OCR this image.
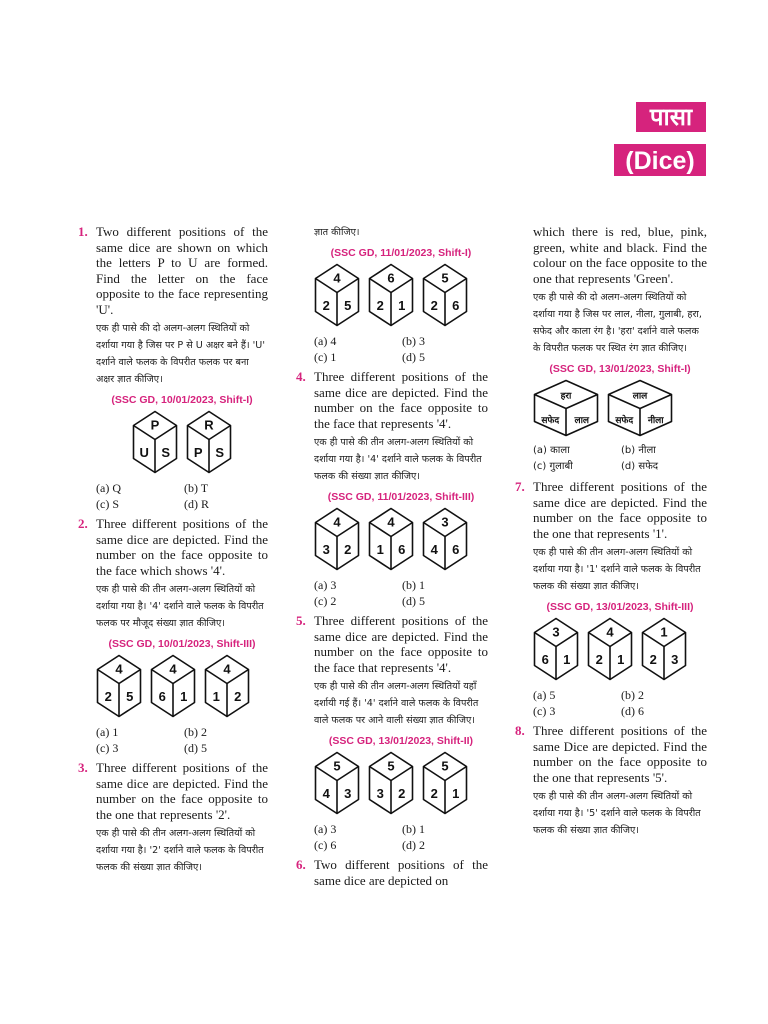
पासा
(Dice)
1. Two different positions of the same dice are shown on which the letters P to U are formed. Find the letter on the face opposite to the face representing 'U'.

एक ही पासे की दो अलग-अलग स्थितियों को दर्शाया गया है जिस पर P से U अक्षर बने हैं। 'U' दर्शाने वाले फलक के विपरीत फलक पर बना अक्षर ज्ञात कीजिए।

(SSC GD, 10/01/2023, Shift-I)
P
U S
R
P S
(a) Q	(b) T
(c) S	(d) R
2. Three different positions of the same dice are depicted. Find the number on the face opposite to the face which shows '4'.

एक ही पासे की तीन अलग-अलग स्थितियों को दर्शाया गया है। '4' दर्शाने वाले फलक के विपरीत फलक पर मौजूद संख्या ज्ञात कीजिए।

(SSC GD, 10/01/2023, Shift-III)
4
2 5
4
6 1
4
1 2
(a) 1	(b) 2
(c) 3	(d) 5
3. Three different positions of the same dice are depicted. Find the number on the face opposite to the one that represents '2'.

एक ही पासे की तीन अलग-अलग स्थितियों को दर्शाया गया है। '2' दर्शाने वाले फलक के विपरीत फलक की संख्या ज्ञात कीजिए।

ज्ञात कीजिए।

(SSC GD, 11/01/2023, Shift-I)
4
2 5
6
2 1
5
2 6
(a) 4	(b) 3
(c) 1	(d) 5
4. Three different positions of the same dice are depicted. Find the number on the face opposite to the face that represents '4'.

एक ही पासे की तीन अलग-अलग स्थितियों को दर्शाया गया है। '4' दर्शाने वाले फलक के विपरीत फलक की संख्या ज्ञात कीजिए।

(SSC GD, 11/01/2023, Shift-III)
4
3 2
4
1 6
3
4 6
(a) 3	(b) 1
(c) 2	(d) 5
5. Three different positions of the same dice are depicted. Find the number on the face opposite to the face that represents '4'.

एक ही पासे की तीन अलग-अलग स्थितियों यहाँ दर्शायी गई हैं। '4' दर्शाने वाले फलक के विपरीत वाले फलक पर आने वाली संख्या ज्ञात कीजिए।

(SSC GD, 13/01/2023, Shift-II)
5
4 3
5
3 2
5
2 1
(a) 3	(b) 1
(c) 6	(d) 2
6. Two different positions of the same dice are depicted on

which there is red, blue, pink, green, white and black. Find the colour on the face opposite to the one that represents 'Green'.

एक ही पासे की दो अलग-अलग स्थितियों को दर्शाया गया है जिस पर लाल, नीला, गुलाबी, हरा, सफेद और काला रंग है। 'हरा' दर्शाने वाले फलक के विपरीत फलक पर स्थित रंग ज्ञात कीजिए।

(SSC GD, 13/01/2023, Shift-I)
हरा
सफेद लाल
लाल
सफेद नीला
(a) काला	(b) नीला
(c) गुलाबी	(d) सफेद
7. Three different positions of the same dice are depicted. Find the number on the face opposite to the one that represents '1'.

एक ही पासे की तीन अलग-अलग स्थितियों को दर्शाया गया है। '1' दर्शाने वाले फलक के विपरीत फलक की संख्या ज्ञात कीजिए।

(SSC GD, 13/01/2023, Shift-III)
3
6 1
4
2 1
1
2 3
(a) 5	(b) 2
(c) 3	(d) 6
8. Three different positions of the same Dice are depicted. Find the number on the face opposite to the one that represents '5'.

एक ही पासे की तीन अलग-अलग स्थितियों को दर्शाया गया है। '5' दर्शाने वाले फलक के विपरीत फलक की संख्या ज्ञात कीजिए।
